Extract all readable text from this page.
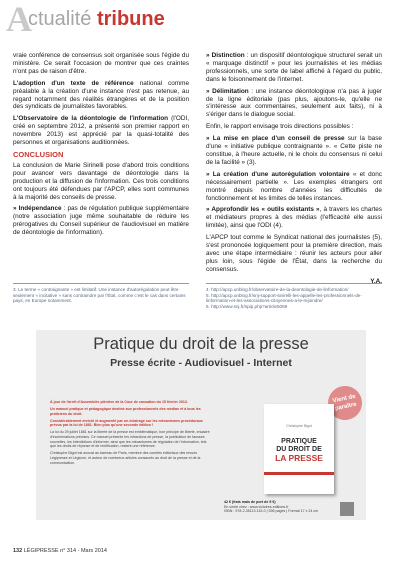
A
ctualité tribune

vraie conférence de consensus soit organisée sous l'égide du ministère. Ce serait l'occasion de montrer que ces craintes n'ont pas de raison d'être.

L'adoption d'un texte de référence national comme préalable à la création d'une instance n'est pas retenue, au regard notamment des réalités étrangères et de la position des syndicats de journalistes favorables.

L'Observatoire de la déontologie de l'information (l'ODI, créé en septembre 2012, a présenté son premier rapport en novembre 2013) est apprécié par la quasi-totalité des personnes et organisations auditionnées.

CONCLUSION

La conclusion de Marie Sirinelli pose d'abord trois conditions pour avancer vers davantage de déontologie dans la production et la diffusion de l'information. Ces trois conditions ont toujours été défendues par l'APCP, elles sont communes à la majorité des conseils de presse.

» Indépendance : pas de régulation publique supplémentaire (notre association juge même souhaitable de réduire les prérogatives du Conseil supérieur de l'audiovisuel en matière de déontologie de l'information).

» Distinction : un dispositif déontologique structurel serait un « marquage distinctif » pour les journalistes et les médias professionnels, une sorte de label affiché à l'égard du public, dans le foisonnement de l'internet.

» Délimitation : une instance déontologique n'a pas à juger de la ligne éditoriale (pas plus, ajoutons-le, qu'elle ne s'intéresse aux commentaires, seulement aux faits), ni à s'ériger dans le dialogue social.

Enfin, le rapport envisage trois directions possibles :

» La mise en place d'un conseil de presse sur la base d'une « initiative publique contraignante ». « Cette piste ne constitue, à l'heure actuelle, ni le choix du consensus ni celui de la facilité » (3).

» La création d'une autorégulation volontaire « et donc nécessairement partielle ». Les exemples étrangers ont montré depuis nombre d'années les difficultés de fonctionnement et les limites de telles instances.

» Approfondir les « outils existants », à travers les chartes et médiateurs propres à des médias (l'efficacité elle aussi limitée), ainsi que l'ODI (4).

L'APCP tout comme le Syndicat national des journalistes (5), s'est prononcée logiquement pour la première direction, mais avec une étape intermédiaire : réunir les acteurs pour aller plus loin, sous l'égide de l'État, dans la recherche du consensus.

Y.A.
3. Le terme « contraignante » est limitatif. Une instance d'autorégulation peut être seulement « incitative » sans contraindre par l'État, comme c'est le cas dans certains pays, en Europe notamment.
4. http://apcp.unblog.fr/observatoire-de-la-deontologie-de-linformation/
5. http://apcp.unblog.fr/snj-support-sinirelli-les-appelle-les-professionnels-de-linformation-et-les-associations-citoyennes-a-le-rejoindre/
5. http://www.snj.fr/spip.php?article5069
Pratique du droit de la presse
Presse écrite - Audiovisuel - Internet

À jour de l'arrêt d'Assemblée plénière de la Cour de cassation du 15 février 2013.

Un manuel pratique et pédagogique destiné aux professionnels des médias et à tous les praticiens du droit.

Considérablement enrichi et augmenté par un éclairage sur les mécanismes procéduraux prévus par la loi de 1881. Bien plus qu'une seconde édition !

La loi du 29 juillet 1881 sur la liberté de la presse est emblématique, bon principe de liberté, encadré d'incriminations précises. Ce manuel présente les infractions de presse, la publication de fausses nouvelles, les interdictions d'informer, ainsi que les mécanismes de régulation de l'information, tels que les droits de réponse et de rectification, restent une référence.

Christophe Bigot est avocat au barreau de Paris, membre des comités éditoriaux des revues Légipresse et Légicom, et auteur de nombreux articles consacrés au droit de la presse et de la communication.

Vient de paraître
Christophe Bigot
PRATIQUE
DU DROIT DE
LA PRESSE
42 € (frais mais de port de 5 €)
En vente chez : www.victoires-editions.fr
ISBN : 978-2-35113-115-0 | 396 pages | Format 17 x 24 cm
132 LÉGIPRESSE n° 314 - Mars 2014
